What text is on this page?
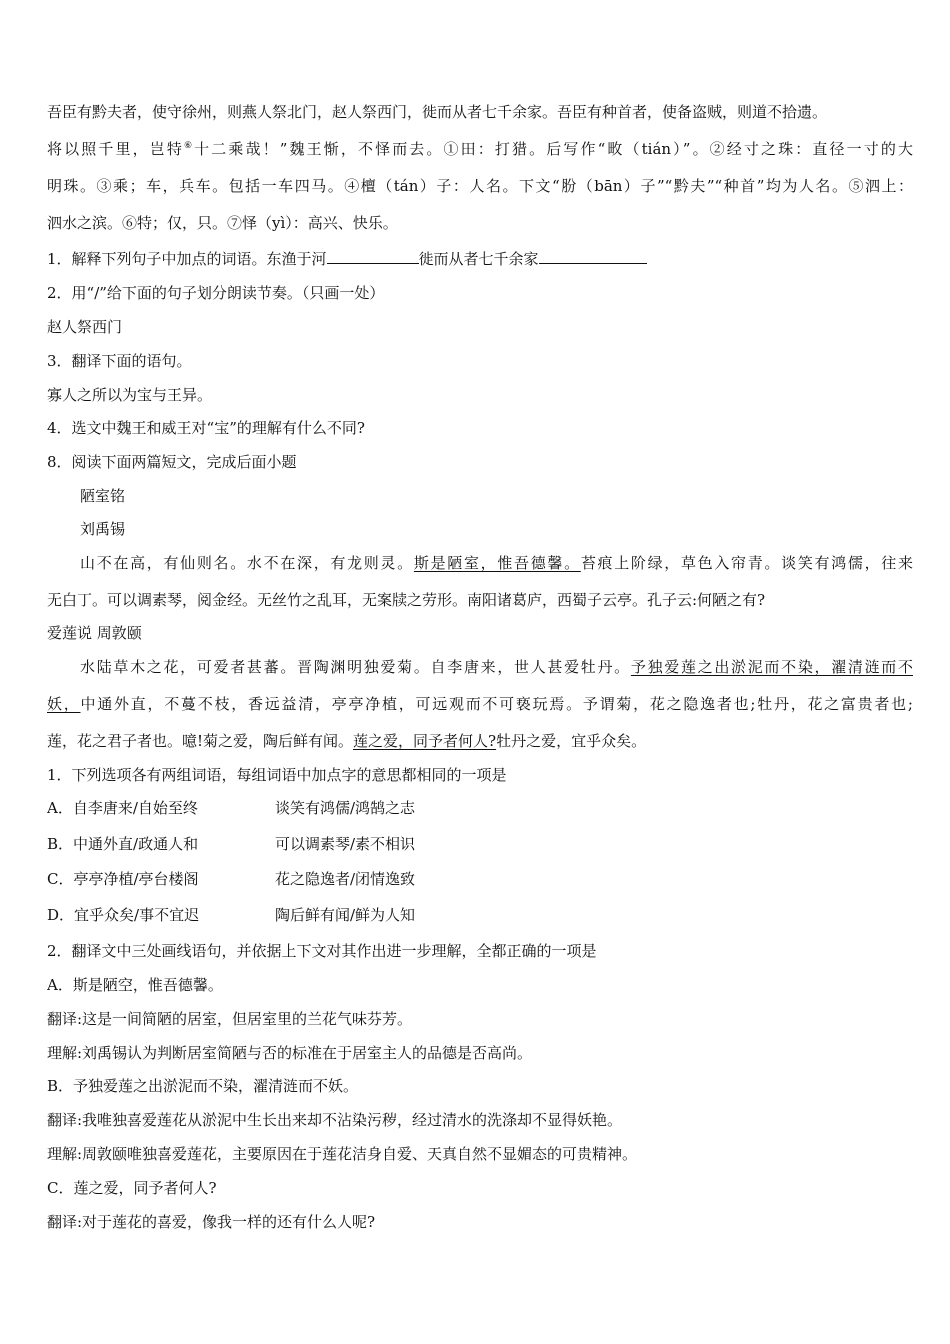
吾臣有黔夫者，使守徐州，则燕人祭北门，赵人祭西门，徙而从者七千余家。吾臣有种首者，使备盗贼，则道不拾遗。
将以照千里，岂特⑥十二乘哉！”魏王惭，不怿而去。①田：打猎。后写作“畋（tián）”。②经寸之珠：直径一寸的大
明珠。③乘；车，兵车。包括一车四马。④檀（tán）子：人名。下文“肦（bān）子”“黔夫”“种首”均为人名。⑤泗上：
泗水之滨。⑥特；仅，只。⑦怿（yì）：高兴、快乐。
1．解释下列句子中加点的词语。东渔于河	徙而从者七千余家
2．用“/”给下面的句子划分朗读节奏。（只画一处）
赵人祭西门
3．翻译下面的语句。
寡人之所以为宝与王异。
4．选文中魏王和威王对“宝”的理解有什么不同?
8．阅读下面两篇短文，完成后面小题
陋室铭
刘禹锡
山不在高，有仙则名。水不在深，有龙则灵。斯是陋室，惟吾德馨。苔痕上阶绿，草色入帘青。谈笑有鸿儒，往来
无白丁。可以调素琴，阅金经。无丝竹之乱耳，无案牍之劳形。南阳诸葛庐，西蜀子云亭。孔子云:何陋之有?
爱莲说 周敦颐
水陆草木之花，可爱者甚蕃。晋陶渊明独爱菊。自李唐来，世人甚爱牡丹。予独爱莲之出淤泥而不染，濯清涟而不
妖，中通外直，不蔓不枝，香远益清，亭亭净植，可远观而不可亵玩焉。予谓菊，花之隐逸者也;牡丹，花之富贵者也;
莲，花之君子者也。噫!菊之爱，陶后鲜有闻。莲之爱，同予者何人?牡丹之爱，宜乎众矣。
1．下列选项各有两组词语，每组词语中加点字的意思都相同的一项是
A．自李唐来/自始至终	谈笑有鸿儒/鸿鹄之志
B．中通外直/政通人和	可以调素琴/素不相识
C．亭亭净植/亭台楼阁	花之隐逸者/闭情逸致
D．宜乎众矣/事不宜迟	陶后鲜有闻/鲜为人知
2．翻译文中三处画线语句，并依据上下文对其作出进一步理解，全都正确的一项是
A．斯是陋空，惟吾德馨。
翻译:这是一间简陋的居室，但居室里的兰花气味芬芳。
理解:刘禹锡认为判断居室简陋与否的标准在于居室主人的品德是否高尚。
B．予独爱莲之出淤泥而不染，濯清涟而不妖。
翻译:我唯独喜爱莲花从淤泥中生长出来却不沾染污秽，经过清水的洗涤却不显得妖艳。
理解:周敦颐唯独喜爱莲花，主要原因在于莲花洁身自爱、天真自然不显媚态的可贵精神。
C．莲之爱，同予者何人?
翻译:对于莲花的喜爱，像我一样的还有什么人呢?
